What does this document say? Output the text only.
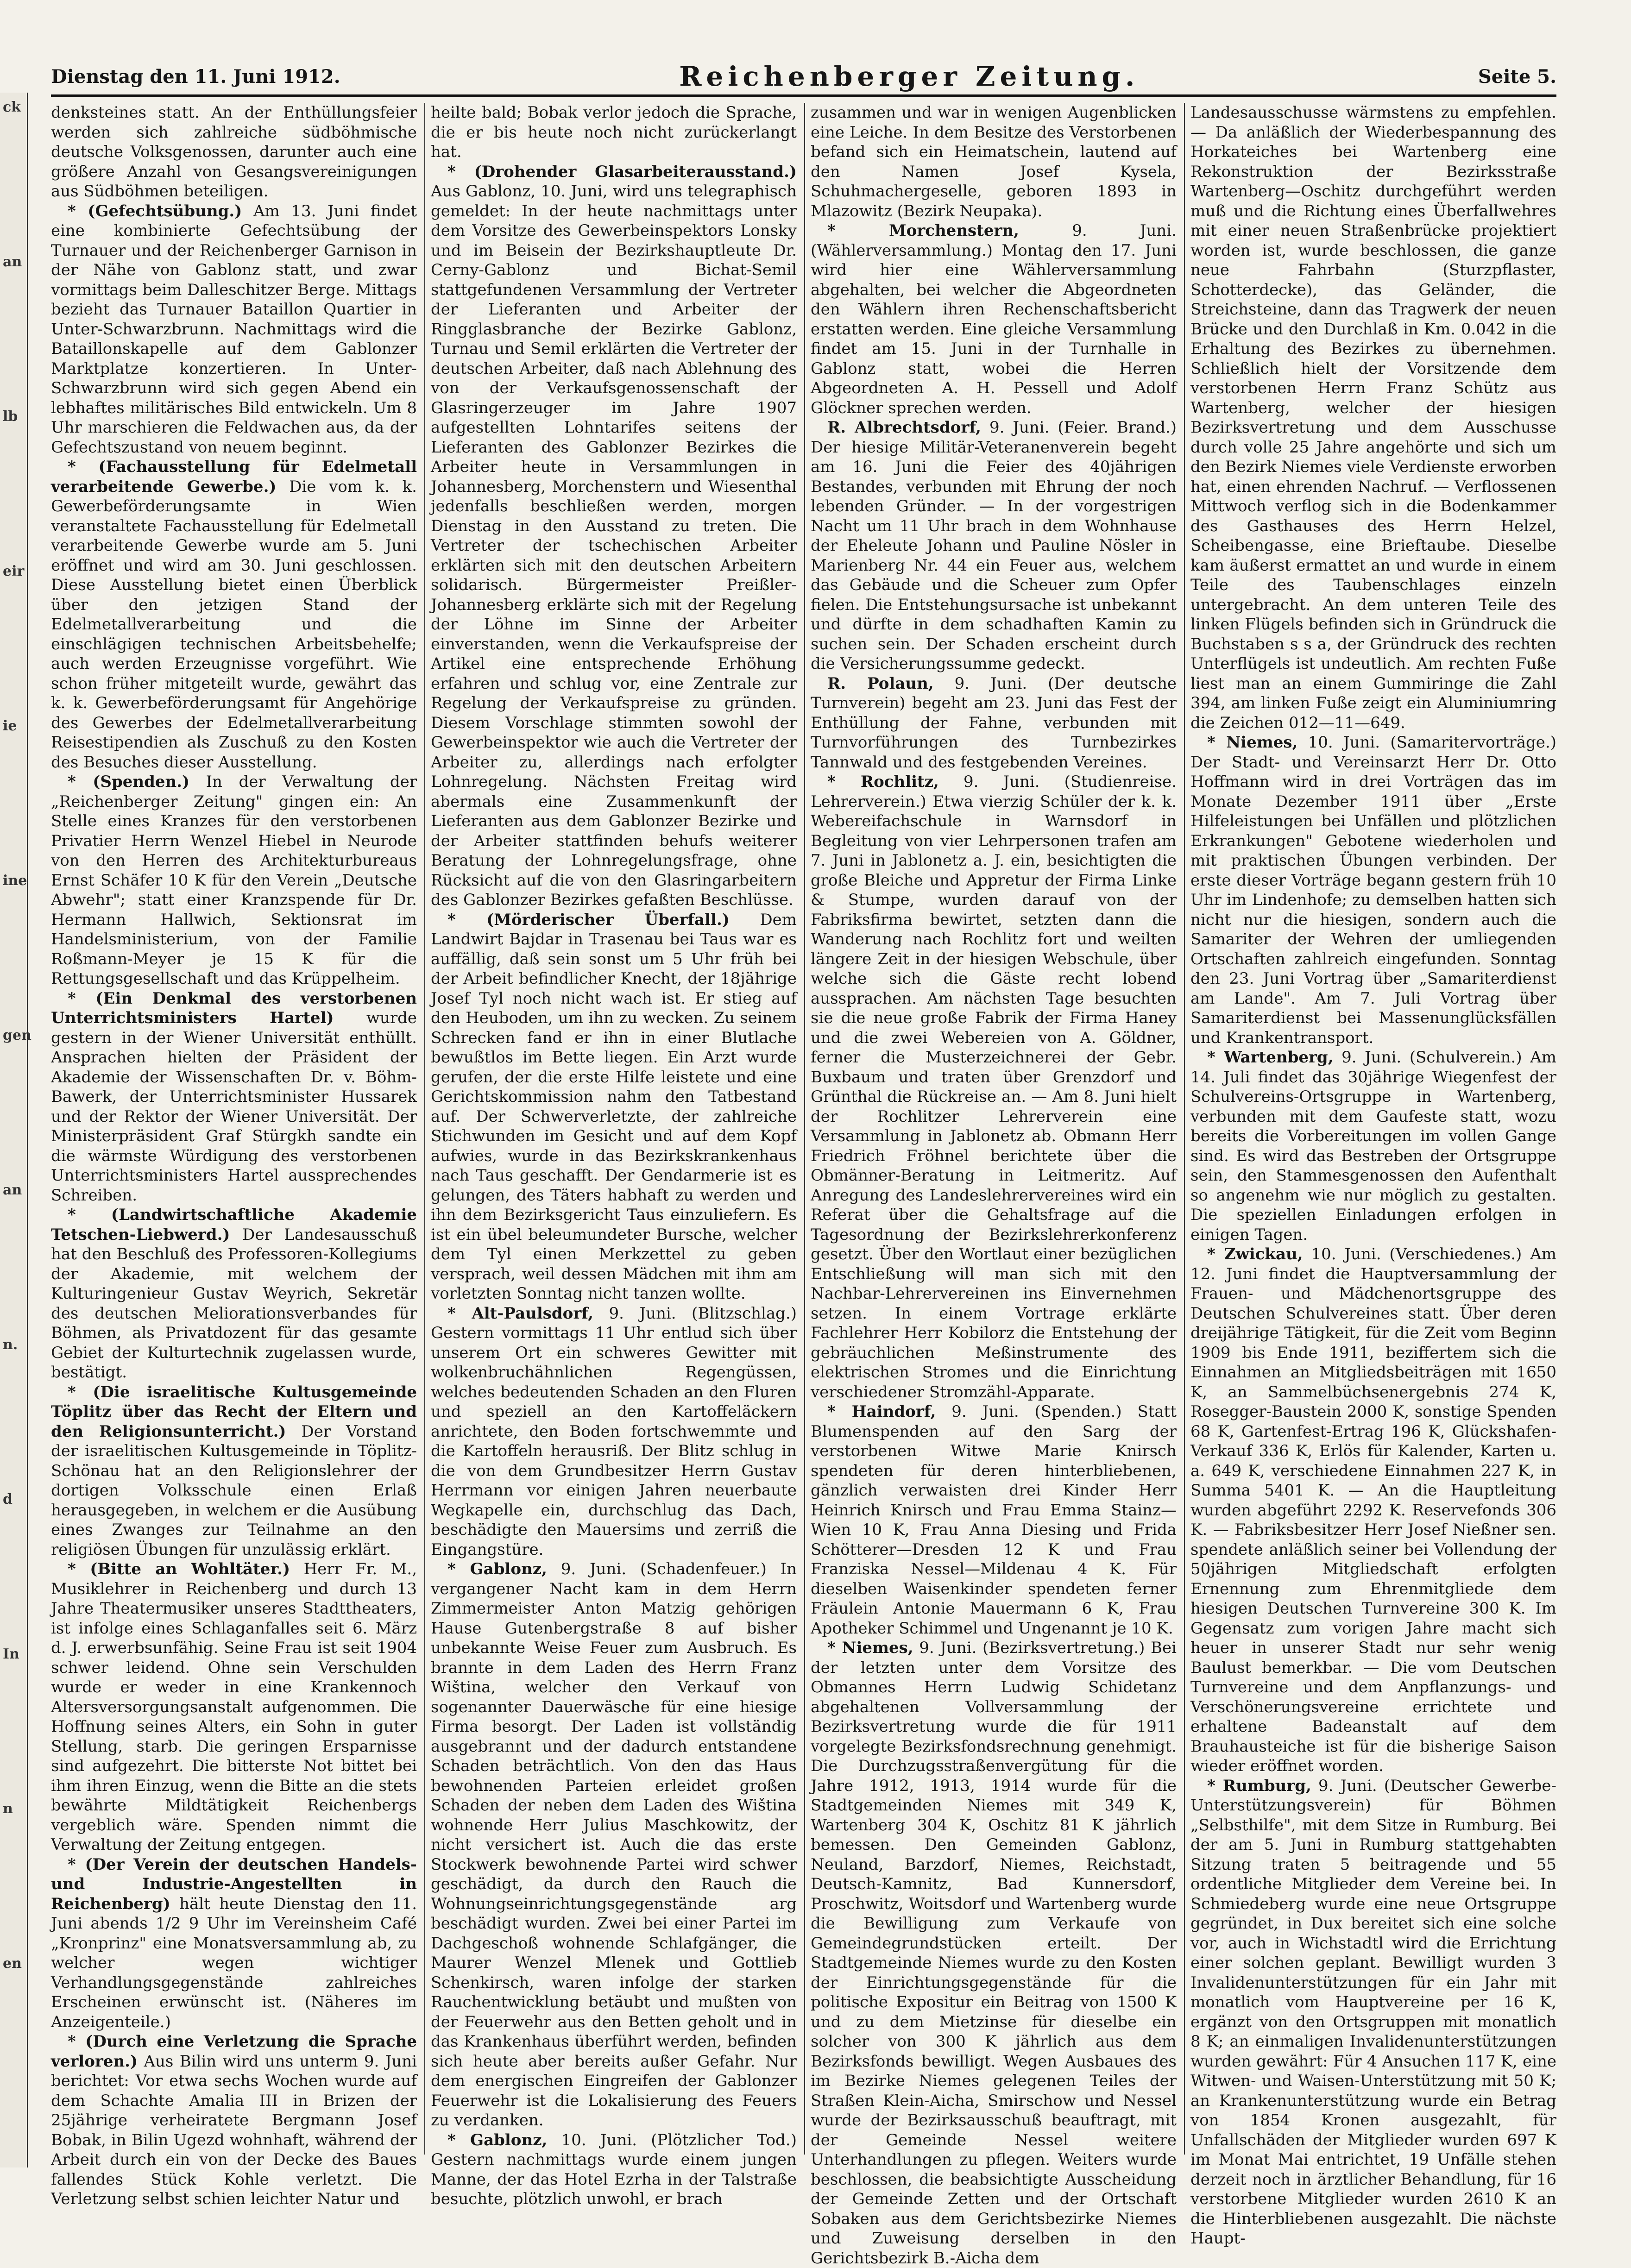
ck
an
lb
eir
ie
ine
gen
an
n.
d
In
n
en
Dienstag den 11. Juni 1912.	Reichenberger Zeitung.	Seite 5.

denksteines statt. An der Enthüllungsfeier werden sich zahlreiche südböhmische deutsche Volksgenossen, darunter auch eine größere Anzahl von Gesangsvereinigungen aus Südböhmen beteiligen.

* (Gefechtsübung.) Am 13. Juni findet eine kombinierte Gefechtsübung der Turnauer und der Reichenberger Garnison in der Nähe von Gablonz statt, und zwar vormittags beim Dalleschitzer Berge. Mittags bezieht das Turnauer Bataillon Quartier in Unter-Schwarzbrunn. Nachmittags wird die Bataillonskapelle auf dem Gablonzer Marktplatze konzertieren. In Unter-Schwarzbrunn wird sich gegen Abend ein lebhaftes militärisches Bild entwickeln. Um 8 Uhr marschieren die Feldwachen aus, da der Gefechtszustand von neuem beginnt.

* (Fachausstellung für Edelmetall verarbeitende Gewerbe.) Die vom k. k. Gewerbeförderungsamte in Wien veranstaltete Fachausstellung für Edelmetall verarbeitende Gewerbe wurde am 5. Juni eröffnet und wird am 30. Juni geschlossen. Diese Ausstellung bietet einen Überblick über den jetzigen Stand der Edelmetallverarbeitung und die einschlägigen technischen Arbeitsbehelfe; auch werden Erzeugnisse vorgeführt. Wie schon früher mitgeteilt wurde, gewährt das k. k. Gewerbeförderungsamt für Angehörige des Gewerbes der Edelmetallverarbeitung Reisestipendien als Zuschuß zu den Kosten des Besuches dieser Ausstellung.

* (Spenden.) In der Verwaltung der „Reichenberger Zeitung" gingen ein: An Stelle eines Kranzes für den verstorbenen Privatier Herrn Wenzel Hiebel in Neurode von den Herren des Architekturbureaus Ernst Schäfer 10 K für den Verein „Deutsche Abwehr"; statt einer Kranzspende für Dr. Hermann Hallwich, Sektionsrat im Handelsministerium, von der Familie Roßmann-Meyer je 15 K für die Rettungsgesellschaft und das Krüppelheim.

* (Ein Denkmal des verstorbenen Unterrichtsministers Hartel) wurde gestern in der Wiener Universität enthüllt. Ansprachen hielten der Präsident der Akademie der Wissenschaften Dr. v. Böhm-Bawerk, der Unterrichtsminister Hussarek und der Rektor der Wiener Universität. Der Ministerpräsident Graf Stürgkh sandte ein die wärmste Würdigung des verstorbenen Unterrichtsministers Hartel aussprechendes Schreiben.

* (Landwirtschaftliche Akademie Tetschen-Liebwerd.) Der Landesausschuß hat den Beschluß des Professoren-Kollegiums der Akademie, mit welchem der Kulturingenieur Gustav Weyrich, Sekretär des deutschen Meliorationsverbandes für Böhmen, als Privatdozent für das gesamte Gebiet der Kulturtechnik zugelassen wurde, bestätigt.

* (Die israelitische Kultusgemeinde Töplitz über das Recht der Eltern und den Religionsunterricht.) Der Vorstand der israelitischen Kultusgemeinde in Töplitz-Schönau hat an den Religionslehrer der dortigen Volksschule einen Erlaß herausgegeben, in welchem er die Ausübung eines Zwanges zur Teilnahme an den religiösen Übungen für unzulässig erklärt.

* (Bitte an Wohltäter.) Herr Fr. M., Musiklehrer in Reichenberg und durch 13 Jahre Theatermusiker unseres Stadttheaters, ist infolge eines Schlaganfalles seit 6. März d. J. erwerbsunfähig. Seine Frau ist seit 1904 schwer leidend. Ohne sein Verschulden wurde er weder in eine Krankennoch Altersversorgungsanstalt aufgenommen. Die Hoffnung seines Alters, ein Sohn in guter Stellung, starb. Die geringen Ersparnisse sind aufgezehrt. Die bitterste Not bittet bei ihm ihren Einzug, wenn die Bitte an die stets bewährte Mildtätigkeit Reichenbergs vergeblich wäre. Spenden nimmt die Verwaltung der Zeitung entgegen.

* (Der Verein der deutschen Handels- und Industrie-Angestellten in Reichenberg) hält heute Dienstag den 11. Juni abends 1/2 9 Uhr im Vereinsheim Café „Kronprinz" eine Monatsversammlung ab, zu welcher wegen wichtiger Verhandlungsgegenstände zahlreiches Erscheinen erwünscht ist. (Näheres im Anzeigenteile.)

* (Durch eine Verletzung die Sprache verloren.) Aus Bilin wird uns unterm 9. Juni berichtet: Vor etwa sechs Wochen wurde auf dem Schachte Amalia III in Brizen der 25jährige verheiratete Bergmann Josef Bobak, in Bilin Ugezd wohnhaft, während der Arbeit durch ein von der Decke des Baues fallendes Stück Kohle verletzt. Die Verletzung selbst schien leichter Natur und

heilte bald; Bobak verlor jedoch die Sprache, die er bis heute noch nicht zurückerlangt hat.

* (Drohender Glasarbeiterausstand.) Aus Gablonz, 10. Juni, wird uns telegraphisch gemeldet: In der heute nachmittags unter dem Vorsitze des Gewerbeinspektors Lonsky und im Beisein der Bezirkshauptleute Dr. Cerny-Gablonz und Bichat-Semil stattgefundenen Versammlung der Vertreter der Lieferanten und Arbeiter der Ringglasbranche der Bezirke Gablonz, Turnau und Semil erklärten die Vertreter der deutschen Arbeiter, daß nach Ablehnung des von der Verkaufsgenossenschaft der Glasringerzeuger im Jahre 1907 aufgestellten Lohntarifes seitens der Lieferanten des Gablonzer Bezirkes die Arbeiter heute in Versammlungen in Johannesberg, Morchenstern und Wiesenthal jedenfalls beschließen werden, morgen Dienstag in den Ausstand zu treten. Die Vertreter der tschechischen Arbeiter erklärten sich mit den deutschen Arbeitern solidarisch. Bürgermeister Preißler-Johannesberg erklärte sich mit der Regelung der Löhne im Sinne der Arbeiter einverstanden, wenn die Verkaufspreise der Artikel eine entsprechende Erhöhung erfahren und schlug vor, eine Zentrale zur Regelung der Verkaufspreise zu gründen. Diesem Vorschlage stimmten sowohl der Gewerbeinspektor wie auch die Vertreter der Arbeiter zu, allerdings nach erfolgter Lohnregelung. Nächsten Freitag wird abermals eine Zusammenkunft der Lieferanten aus dem Gablonzer Bezirke und der Arbeiter stattfinden behufs weiterer Beratung der Lohnregelungsfrage, ohne Rücksicht auf die von den Glasringarbeitern des Gablonzer Bezirkes gefaßten Beschlüsse.

* (Mörderischer Überfall.) Dem Landwirt Bajdar in Trasenau bei Taus war es auffällig, daß sein sonst um 5 Uhr früh bei der Arbeit befindlicher Knecht, der 18jährige Josef Tyl noch nicht wach ist. Er stieg auf den Heuboden, um ihn zu wecken. Zu seinem Schrecken fand er ihn in einer Blutlache bewußtlos im Bette liegen. Ein Arzt wurde gerufen, der die erste Hilfe leistete und eine Gerichtskommission nahm den Tatbestand auf. Der Schwerverletzte, der zahlreiche Stichwunden im Gesicht und auf dem Kopf aufwies, wurde in das Bezirkskrankenhaus nach Taus geschafft. Der Gendarmerie ist es gelungen, des Täters habhaft zu werden und ihn dem Bezirksgericht Taus einzuliefern. Es ist ein übel beleumundeter Bursche, welcher dem Tyl einen Merkzettel zu geben versprach, weil dessen Mädchen mit ihm am vorletzten Sonntag nicht tanzen wollte.

* Alt-Paulsdorf, 9. Juni. (Blitzschlag.) Gestern vormittags 11 Uhr entlud sich über unserem Ort ein schweres Gewitter mit wolkenbruchähnlichen Regengüssen, welches bedeutenden Schaden an den Fluren und speziell an den Kartoffeläckern anrichtete, den Boden fortschwemmte und die Kartoffeln herausriß. Der Blitz schlug in die von dem Grundbesitzer Herrn Gustav Herrmann vor einigen Jahren neuerbaute Wegkapelle ein, durchschlug das Dach, beschädigte den Mauersims und zerriß die Eingangstüre.

* Gablonz, 9. Juni. (Schadenfeuer.) In vergangener Nacht kam in dem Herrn Zimmermeister Anton Matzig gehörigen Hause Gutenbergstraße 8 auf bisher unbekannte Weise Feuer zum Ausbruch. Es brannte in dem Laden des Herrn Franz Wiština, welcher den Verkauf von sogenannter Dauerwäsche für eine hiesige Firma besorgt. Der Laden ist vollständig ausgebrannt und der dadurch entstandene Schaden beträchtlich. Von den das Haus bewohnenden Parteien erleidet großen Schaden der neben dem Laden des Wiština wohnende Herr Julius Maschkowitz, der nicht versichert ist. Auch die das erste Stockwerk bewohnende Partei wird schwer geschädigt, da durch den Rauch die Wohnungseinrichtungsgegenstände arg beschädigt wurden. Zwei bei einer Partei im Dachgeschoß wohnende Schlafgänger, die Maurer Wenzel Mlenek und Gottlieb Schenkirsch, waren infolge der starken Rauchentwicklung betäubt und mußten von der Feuerwehr aus den Betten geholt und in das Krankenhaus überführt werden, befinden sich heute aber bereits außer Gefahr. Nur dem energischen Eingreifen der Gablonzer Feuerwehr ist die Lokalisierung des Feuers zu verdanken.

* Gablonz, 10. Juni. (Plötzlicher Tod.) Gestern nachmittags wurde einem jungen Manne, der das Hotel Ezrha in der Talstraße besuchte, plötzlich unwohl, er brach

zusammen und war in wenigen Augenblicken eine Leiche. In dem Besitze des Verstorbenen befand sich ein Heimatschein, lautend auf den Namen Josef Kysela, Schuhmachergeselle, geboren 1893 in Mlazowitz (Bezirk Neupaka).

* Morchenstern,	9. Juni. (Wählerversammlung.) Montag den 17. Juni wird hier eine Wählerversammlung abgehalten, bei welcher die Abgeordneten den Wählern ihren Rechenschaftsbericht erstatten werden. Eine gleiche Versammlung findet am 15. Juni in der Turnhalle in Gablonz statt, wobei die Herren Abgeordneten A. H. Pessell und Adolf Glöckner sprechen werden.

R. Albrechtsdorf, 9. Juni. (Feier. Brand.) Der hiesige Militär-Veteranenverein begeht am 16. Juni die Feier des 40jährigen Bestandes, verbunden mit Ehrung der noch lebenden Gründer. — In der vorgestrigen Nacht um 11 Uhr brach in dem Wohnhause der Eheleute Johann und Pauline Nösler in Marienberg Nr. 44 ein Feuer aus, welchem das Gebäude und die Scheuer zum Opfer fielen. Die Entstehungsursache ist unbekannt und dürfte in dem schadhaften Kamin zu suchen sein. Der Schaden erscheint durch die Versicherungssumme gedeckt.

R. Polaun, 9. Juni. (Der deutsche Turnverein) begeht am 23. Juni das Fest der Enthüllung der Fahne, verbunden mit Turnvorführungen des Turnbezirkes Tannwald und des festgebenden Vereines.

* Rochlitz, 9. Juni. (Studienreise. Lehrerverein.) Etwa vierzig Schüler der k. k. Webereifachschule in Warnsdorf in Begleitung von vier Lehrpersonen trafen am 7. Juni in Jablonetz a. J. ein, besichtigten die große Bleiche und Appretur der Firma Linke & Stumpe, wurden darauf von der Fabriksfirma bewirtet, setzten dann die Wanderung nach Rochlitz fort und weilten längere Zeit in der hiesigen Webschule, über welche sich die Gäste recht lobend aussprachen. Am nächsten Tage besuchten sie die neue große Fabrik der Firma Haney und die zwei Webereien von A. Göldner, ferner die Musterzeichnerei der Gebr. Buxbaum und traten über Grenzdorf und Grünthal die Rückreise an. — Am 8. Juni hielt der Rochlitzer Lehrerverein eine Versammlung in Jablonetz ab. Obmann Herr Friedrich Fröhnel berichtete über die Obmänner-Beratung in Leitmeritz. Auf Anregung des Landeslehrervereines wird ein Referat über die Gehaltsfrage auf die Tagesordnung der Bezirkslehrerkonferenz gesetzt. Über den Wortlaut einer bezüglichen Entschließung will man sich mit den Nachbar-Lehrervereinen ins Einvernehmen setzen. In einem Vortrage erklärte Fachlehrer Herr Kobilorz die Entstehung der gebräuchlichen Meßinstrumente des elektrischen Stromes und die Einrichtung verschiedener Stromzähl-Apparate.

* Haindorf, 9. Juni. (Spenden.) Statt Blumenspenden auf den Sarg der verstorbenen Witwe Marie Knirsch spendeten für deren hinterbliebenen, gänzlich verwaisten drei Kinder Herr Heinrich Knirsch und Frau Emma Stainz—Wien 10 K, Frau Anna Diesing und Frida Schötterer—Dresden 12 K und Frau Franziska Nessel—Mildenau 4 K. Für dieselben Waisenkinder spendeten ferner Fräulein Antonie Mauermann 6 K, Frau Apotheker Schimmel und Ungenannt je 10 K.

* Niemes, 9. Juni. (Bezirksvertretung.) Bei der letzten unter dem Vorsitze des Obmannes Herrn Ludwig Schidetanz abgehaltenen Vollversammlung der Bezirksvertretung wurde die für 1911 vorgelegte Bezirksfondsrechnung genehmigt. Die Durchzugsstraßenvergütung für die Jahre 1912, 1913, 1914 wurde für die Stadtgemeinden Niemes mit 349 K, Wartenberg 304 K, Oschitz 81 K jährlich bemessen. Den Gemeinden Gablonz, Neuland, Barzdorf, Niemes, Reichstadt, Deutsch-Kamnitz, Bad Kunnersdorf, Proschwitz, Woitsdorf und Wartenberg wurde die Bewilligung zum Verkaufe von Gemeindegrundstücken erteilt. Der Stadtgemeinde Niemes wurde zu den Kosten der Einrichtungsgegenstände für die politische Expositur ein Beitrag von 1500 K und zu dem Mietzinse für dieselbe ein solcher von 300 K jährlich aus dem Bezirksfonds bewilligt. Wegen Ausbaues des im Bezirke Niemes gelegenen Teiles der Straßen Klein-Aicha, Smirschow und Nessel wurde der Bezirksausschuß beauftragt, mit der Gemeinde Nessel weitere Unterhandlungen zu pflegen. Weiters wurde beschlossen, die beabsichtigte Ausscheidung der Gemeinde Zetten und der Ortschaft Sobaken aus dem Gerichtsbezirke Niemes und Zuweisung derselben in den Gerichtsbezirk B.-Aicha dem

Landesausschusse wärmstens zu empfehlen. — Da anläßlich der Wiederbespannung des Horkateiches bei Wartenberg eine Rekonstruktion der Bezirksstraße Wartenberg—Oschitz durchgeführt werden muß und die Richtung eines Überfallwehres mit einer neuen Straßenbrücke projektiert worden ist, wurde beschlossen, die ganze neue Fahrbahn (Sturzpflaster, Schotterdecke), das Geländer, die Streichsteine, dann das Tragwerk der neuen Brücke und den Durchlaß in Km. 0.042 in die Erhaltung des Bezirkes zu übernehmen. Schließlich hielt der Vorsitzende dem verstorbenen Herrn Franz Schütz aus Wartenberg, welcher der hiesigen Bezirksvertretung und dem Ausschusse durch volle 25 Jahre angehörte und sich um den Bezirk Niemes viele Verdienste erworben hat, einen ehrenden Nachruf. — Verflossenen Mittwoch verflog sich in die Bodenkammer des Gasthauses des Herrn Helzel, Scheibengasse, eine Brieftaube. Dieselbe kam äußerst ermattet an und wurde in einem Teile des Taubenschlages einzeln untergebracht. An dem unteren Teile des linken Flügels befinden sich in Gründruck die Buchstaben s s a, der Gründruck des rechten Unterflügels ist undeutlich. Am rechten Fuße liest man an einem Gummiringe die Zahl 394, am linken Fuße zeigt ein Aluminiumring die Zeichen 012—11—649.

* Niemes, 10. Juni. (Samaritervorträge.) Der Stadt- und Vereinsarzt Herr Dr. Otto Hoffmann wird in drei Vorträgen das im Monate Dezember 1911 über „Erste Hilfeleistungen bei Unfällen und plötzlichen Erkrankungen" Gebotene wiederholen und mit praktischen Übungen verbinden. Der erste dieser Vorträge begann gestern früh 10 Uhr im Lindenhofe; zu demselben hatten sich nicht nur die hiesigen, sondern auch die Samariter der Wehren der umliegenden Ortschaften zahlreich eingefunden. Sonntag den 23. Juni Vortrag über „Samariterdienst am Lande". Am 7. Juli Vortrag über Samariterdienst bei Massenunglücksfällen und Krankentransport.

* Wartenberg, 9. Juni. (Schulverein.) Am 14. Juli findet das 30jährige Wiegenfest der Schulvereins-Ortsgruppe in Wartenberg, verbunden mit dem Gaufeste statt, wozu bereits die Vorbereitungen im vollen Gange sind. Es wird das Bestreben der Ortsgruppe sein, den Stammesgenossen den Aufenthalt so angenehm wie nur möglich zu gestalten. Die speziellen Einladungen erfolgen in einigen Tagen.

* Zwickau, 10. Juni. (Verschiedenes.) Am 12. Juni findet die Hauptversammlung der Frauen- und Mädchenortsgruppe des Deutschen Schulvereines statt. Über deren dreijährige Tätigkeit, für die Zeit vom Beginn 1909 bis Ende 1911, beziffertem sich die Einnahmen an Mitgliedsbeiträgen mit 1650 K, an Sammelbüchsenergebnis 274 K, Rosegger-Baustein 2000 K, sonstige Spenden 68 K, Gartenfest-Ertrag 196 K, Glückshafen-Verkauf 336 K, Erlös für Kalender, Karten u. a. 649 K, verschiedene Einnahmen 227 K, in Summa 5401 K. — An die Hauptleitung wurden abgeführt 2292 K. Reservefonds 306 K. — Fabriksbesitzer Herr Josef Nießner sen. spendete anläßlich seiner bei Vollendung der 50jährigen Mitgliedschaft erfolgten Ernennung zum Ehrenmitgliede dem hiesigen Deutschen Turnvereine 300 K. Im Gegensatz zum vorigen Jahre macht sich heuer in unserer Stadt nur sehr wenig Baulust bemerkbar. — Die vom Deutschen Turnvereine und dem Anpflanzungs- und Verschönerungsvereine errichtete und erhaltene Badeanstalt auf dem Brauhausteiche ist für die bisherige Saison wieder eröffnet worden.

* Rumburg, 9. Juni. (Deutscher Gewerbe-Unterstützungsverein) für Böhmen „Selbsthilfe", mit dem Sitze in Rumburg. Bei der am 5. Juni in Rumburg stattgehabten Sitzung traten 5 beitragende und 55 ordentliche Mitglieder dem Vereine bei. In Schmiedeberg wurde eine neue Ortsgruppe gegründet, in Dux bereitet sich eine solche vor, auch in Wichstadtl wird die Errichtung einer solchen geplant. Bewilligt wurden 3 Invalidenunterstützungen für ein Jahr mit monatlich vom Hauptvereine per 16 K, ergänzt von den Ortsgruppen mit monatlich 8 K; an einmaligen Invalidenunterstützungen wurden gewährt: Für 4 Ansuchen 117 K, eine Witwen- und Waisen-Unterstützung mit 50 K; an Krankenunterstützung wurde ein Betrag von 1854 Kronen ausgezahlt, für Unfallschäden der Mitglieder wurden 697 K im Monat Mai entrichtet, 19 Unfälle stehen derzeit noch in ärztlicher Behandlung, für 16 verstorbene Mitglieder wurden 2610 K an die Hinterbliebenen ausgezahlt. Die nächste Haupt-
